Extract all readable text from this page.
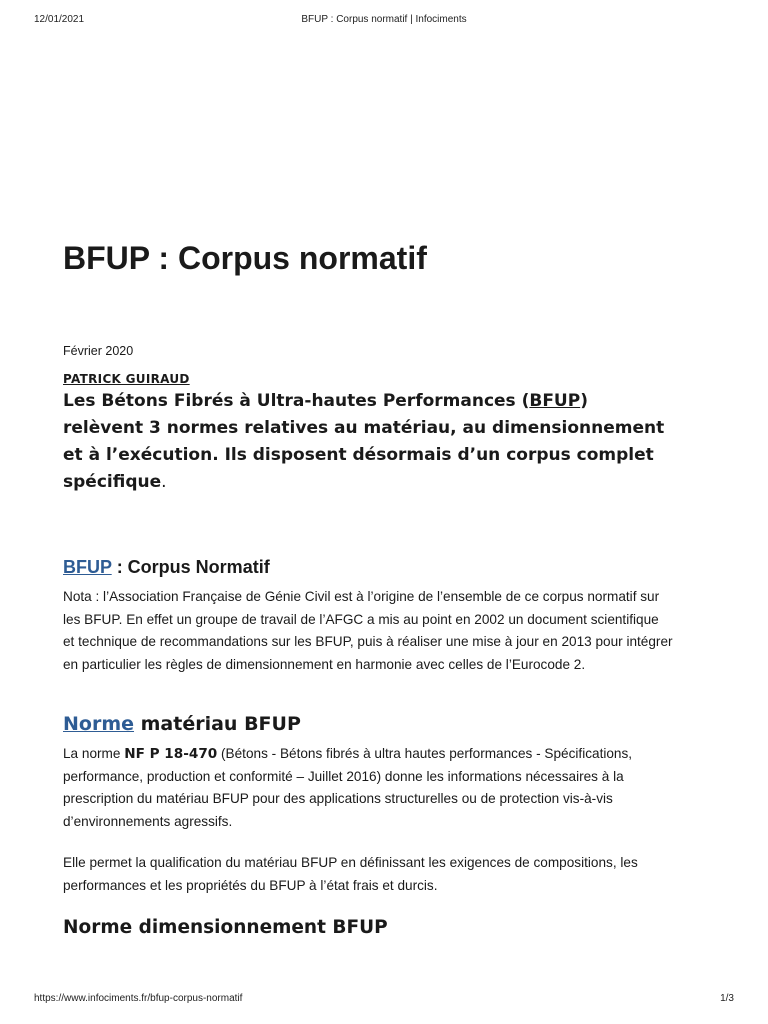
12/01/2021	BFUP : Corpus normatif | Infociments
BFUP : Corpus normatif
Février 2020
PATRICK GUIRAUD
Les Bétons Fibrés à Ultra-hautes Performances (BFUP) relèvent 3 normes relatives au matériau, au dimensionnement et à l’exécution. Ils disposent désormais d’un corpus complet spécifique.
BFUP : Corpus Normatif

Nota : l’Association Française de Génie Civil est à l’origine de l’ensemble de ce corpus normatif sur les BFUP. En effet un groupe de travail de l’AFGC a mis au point en 2002 un document scientifique et technique de recommandations sur les BFUP, puis à réaliser une mise à jour en 2013 pour intégrer en particulier les règles de dimensionnement en harmonie avec celles de l’Eurocode 2.

Norme matériau BFUP

La norme NF P 18-470 (Bétons - Bétons fibrés à ultra hautes performances - Spécifications, performance, production et conformité – Juillet 2016) donne les informations nécessaires à la prescription du matériau BFUP pour des applications structurelles ou de protection vis-à-vis d’environnements agressifs.

Elle permet la qualification du matériau BFUP en définissant les exigences de compositions, les performances et les propriétés du BFUP à l’état frais et durcis.

Norme dimensionnement BFUP
https://www.infociments.fr/bfup-corpus-normatif	1/3
